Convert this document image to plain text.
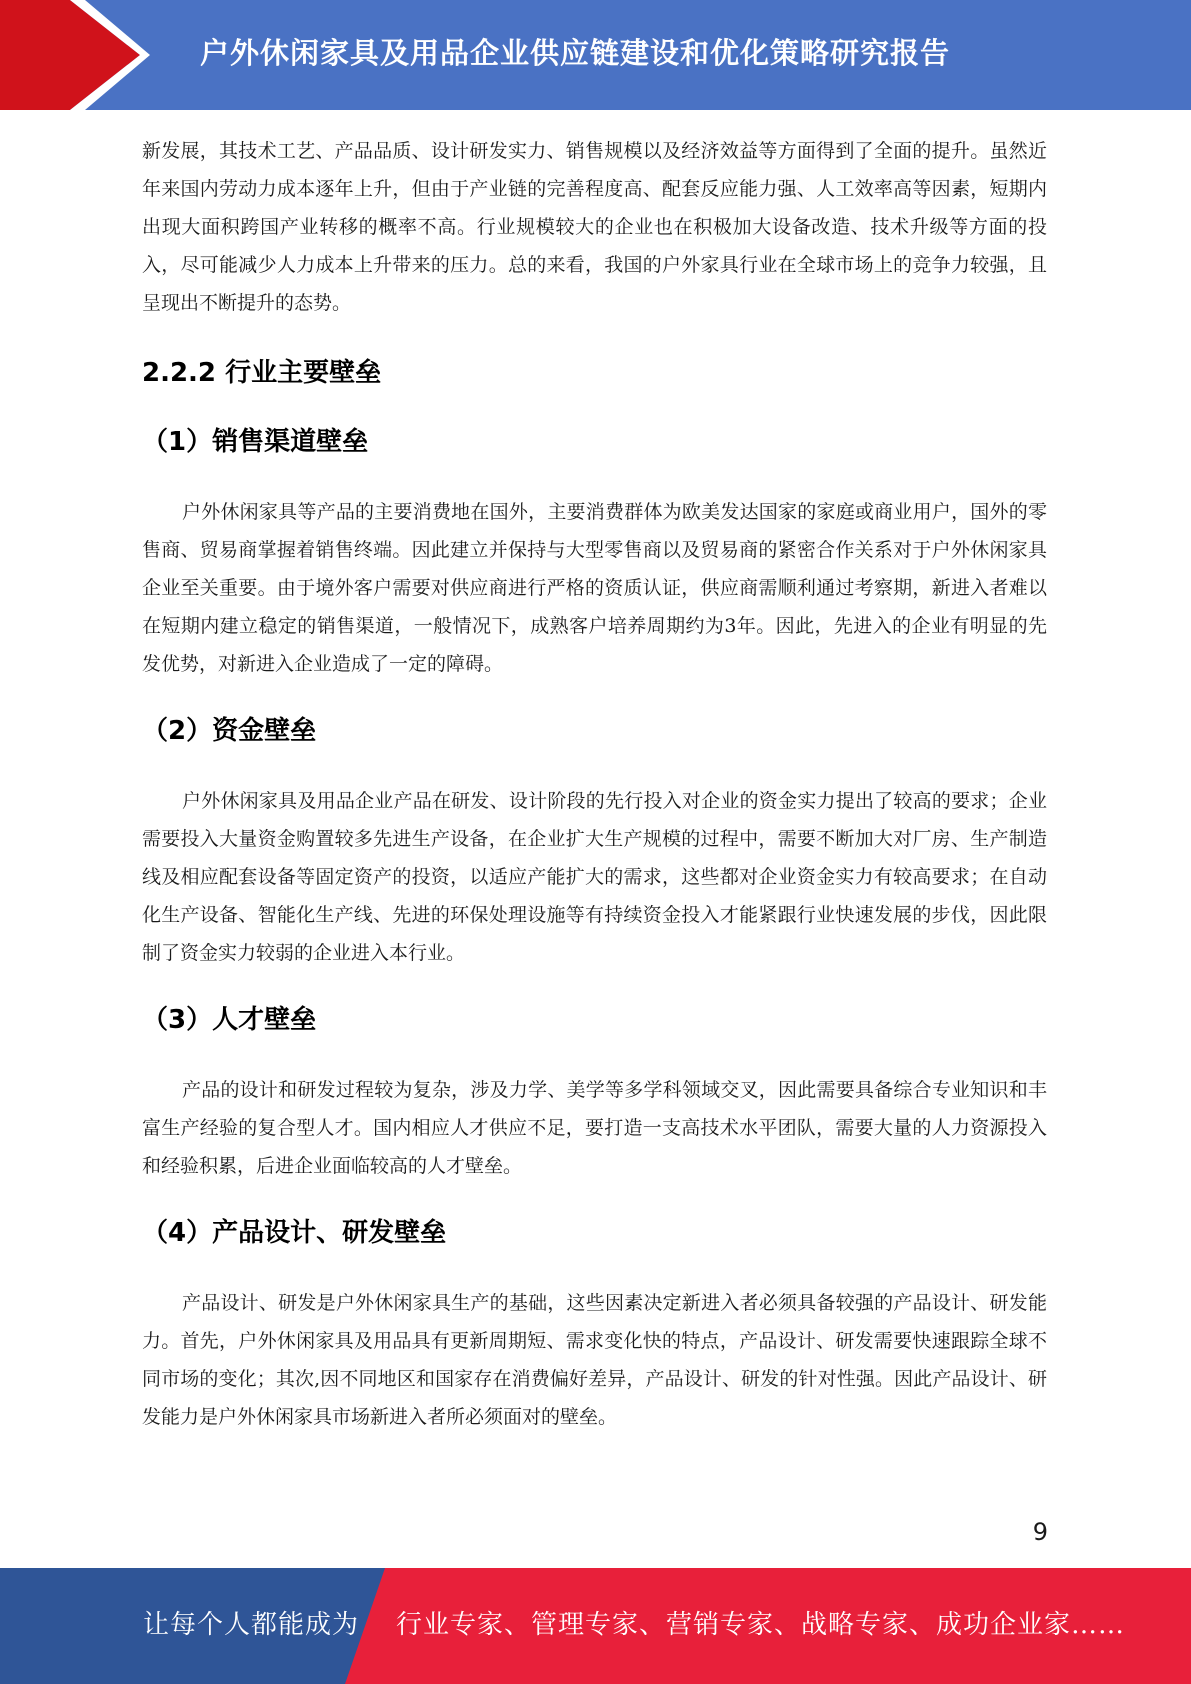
户外休闲家具及用品企业供应链建设和优化策略研究报告

新发展，其技术工艺、产品品质、设计研发实力、销售规模以及经济效益等方面得到了全面的提升。虽然近年来国内劳动力成本逐年上升，但由于产业链的完善程度高、配套反应能力强、人工效率高等因素，短期内出现大面积跨国产业转移的概率不高。行业规模较大的企业也在积极加大设备改造、技术升级等方面的投入，尽可能减少人力成本上升带来的压力。总的来看，我国的户外家具行业在全球市场上的竞争力较强，且呈现出不断提升的态势。

2.2.2 行业主要壁垒
（1）销售渠道壁垒

户外休闲家具等产品的主要消费地在国外，主要消费群体为欧美发达国家的家庭或商业用户，国外的零售商、贸易商掌握着销售终端。因此建立并保持与大型零售商以及贸易商的紧密合作关系对于户外休闲家具企业至关重要。由于境外客户需要对供应商进行严格的资质认证，供应商需顺利通过考察期，新进入者难以在短期内建立稳定的销售渠道，一般情况下，成熟客户培养周期约为3年。因此，先进入的企业有明显的先发优势，对新进入企业造成了一定的障碍。

（2）资金壁垒

户外休闲家具及用品企业产品在研发、设计阶段的先行投入对企业的资金实力提出了较高的要求；企业需要投入大量资金购置较多先进生产设备，在企业扩大生产规模的过程中，需要不断加大对厂房、生产制造线及相应配套设备等固定资产的投资，以适应产能扩大的需求，这些都对企业资金实力有较高要求；在自动化生产设备、智能化生产线、先进的环保处理设施等有持续资金投入才能紧跟行业快速发展的步伐，因此限制了资金实力较弱的企业进入本行业。

（3）人才壁垒

产品的设计和研发过程较为复杂，涉及力学、美学等多学科领域交叉，因此需要具备综合专业知识和丰富生产经验的复合型人才。国内相应人才供应不足，要打造一支高技术水平团队，需要大量的人力资源投入和经验积累，后进企业面临较高的人才壁垒。

（4）产品设计、研发壁垒

产品设计、研发是户外休闲家具生产的基础，这些因素决定新进入者必须具备较强的产品设计、研发能力。首先，户外休闲家具及用品具有更新周期短、需求变化快的特点，产品设计、研发需要快速跟踪全球不同市场的变化；其次,因不同地区和国家存在消费偏好差异，产品设计、研发的针对性强。因此产品设计、研发能力是户外休闲家具市场新进入者所必须面对的壁垒。

9
让每个人都能成为 行业专家、管理专家、营销专家、战略专家、成功企业家……
